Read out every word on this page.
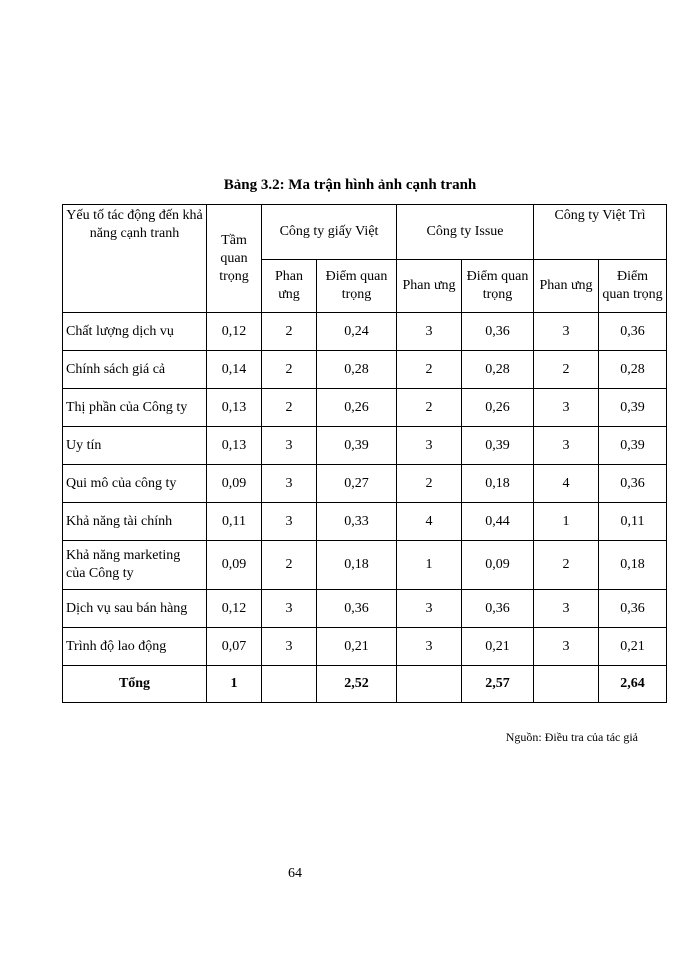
Bảng 3.2: Ma trận hình ảnh cạnh tranh
Yếu tố tác động đến khả năng cạnh tranh	Tầm quan trọng	Công ty giấy Việt		Công ty Issue		Công ty Việt Trì	
		Phan ưng	Điểm quan trọng	Phan ưng	Điểm quan trọng	Phan ưng	Điểm quan trọng
Chất lượng dịch vụ	0,12	2	0,24	3	0,36	3	0,36
Chính sách giá cả	0,14	2	0,28	2	0,28	2	0,28
Thị phần của Công ty	0,13	2	0,26	2	0,26	3	0,39
Uy tín	0,13	3	0,39	3	0,39	3	0,39
Qui mô của công ty	0,09	3	0,27	2	0,18	4	0,36
Khả năng tài chính	0,11	3	0,33	4	0,44	1	0,11
Khả năng marketing của Công ty	0,09	2	0,18	1	0,09	2	0,18
Dịch vụ sau bán hàng	0,12	3	0,36	3	0,36	3	0,36
Trình độ lao động	0,07	3	0,21	3	0,21	3	0,21
Tổng	1		2,52		2,57		2,64
Nguồn: Điều tra của tác giả
64
